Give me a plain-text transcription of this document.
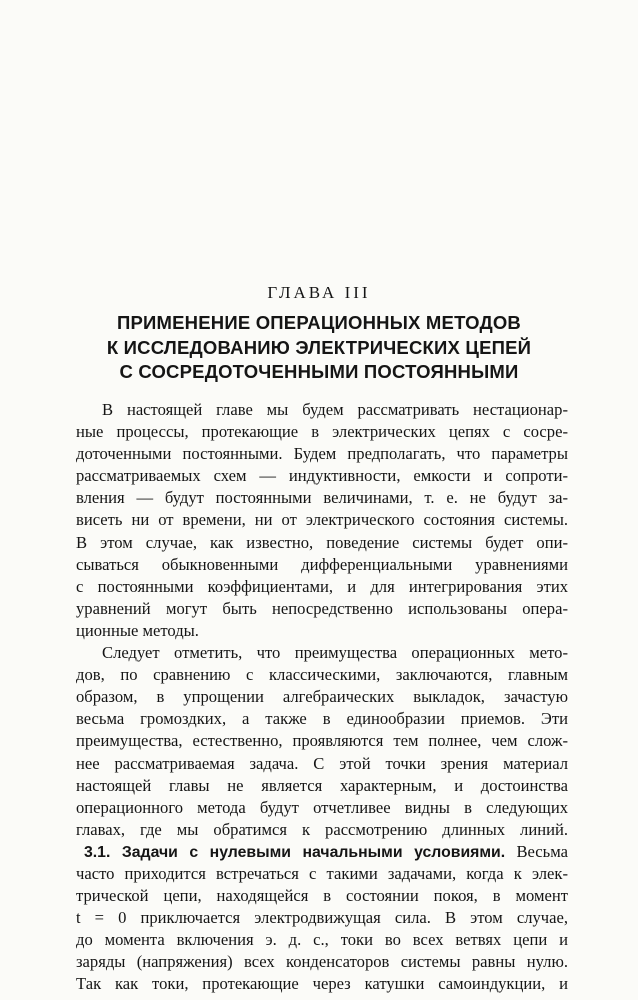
ГЛАВА III
ПРИМЕНЕНИЕ ОПЕРАЦИОННЫХ МЕТОДОВ
К ИССЛЕДОВАНИЮ ЭЛЕКТРИЧЕСКИХ ЦЕПЕЙ
С СОСРЕДОТОЧЕННЫМИ ПОСТОЯННЫМИ
В настоящей главе мы будем рассматривать нестационар-
ные процессы, протекающие в электрических цепях с сосре-
доточенными постоянными. Будем предполагать, что параметры
рассматриваемых схем — индуктивности, емкости и сопроти-
вления — будут постоянными величинами, т. е. не будут за-
висеть ни от времени, ни от электрического состояния системы.
В этом случае, как известно, поведение системы будет опи-
сываться обыкновенными дифференциальными уравнениями
с постоянными коэффициентами, и для интегрирования этих
уравнений могут быть непосредственно использованы опера-
ционные методы.
Следует отметить, что преимущества операционных мето-
дов, по сравнению с классическими, заключаются, главным
образом, в упрощении алгебраических выкладок, зачастую
весьма громоздких, а также в единообразии приемов. Эти
преимущества, естественно, проявляются тем полнее, чем слож-
нее рассматриваемая задача. С этой точки зрения материал
настоящей главы не является характерным, и достоинства
операционного метода будут отчетливее видны в следующих
главах, где мы обратимся к рассмотрению длинных линий.
3.1. Задачи с нулевыми начальными условиями. Весьма
часто приходится встречаться с такими задачами, когда к элек-
трической цепи, находящейся в состоянии покоя, в момент
t = 0 приключается электродвижущая сила. В этом случае,
до момента включения э. д. с., токи во всех ветвях цепи и
заряды (напряжения) всех конденсаторов системы равны нулю.
Так как токи, протекающие через катушки самоиндукции, и
